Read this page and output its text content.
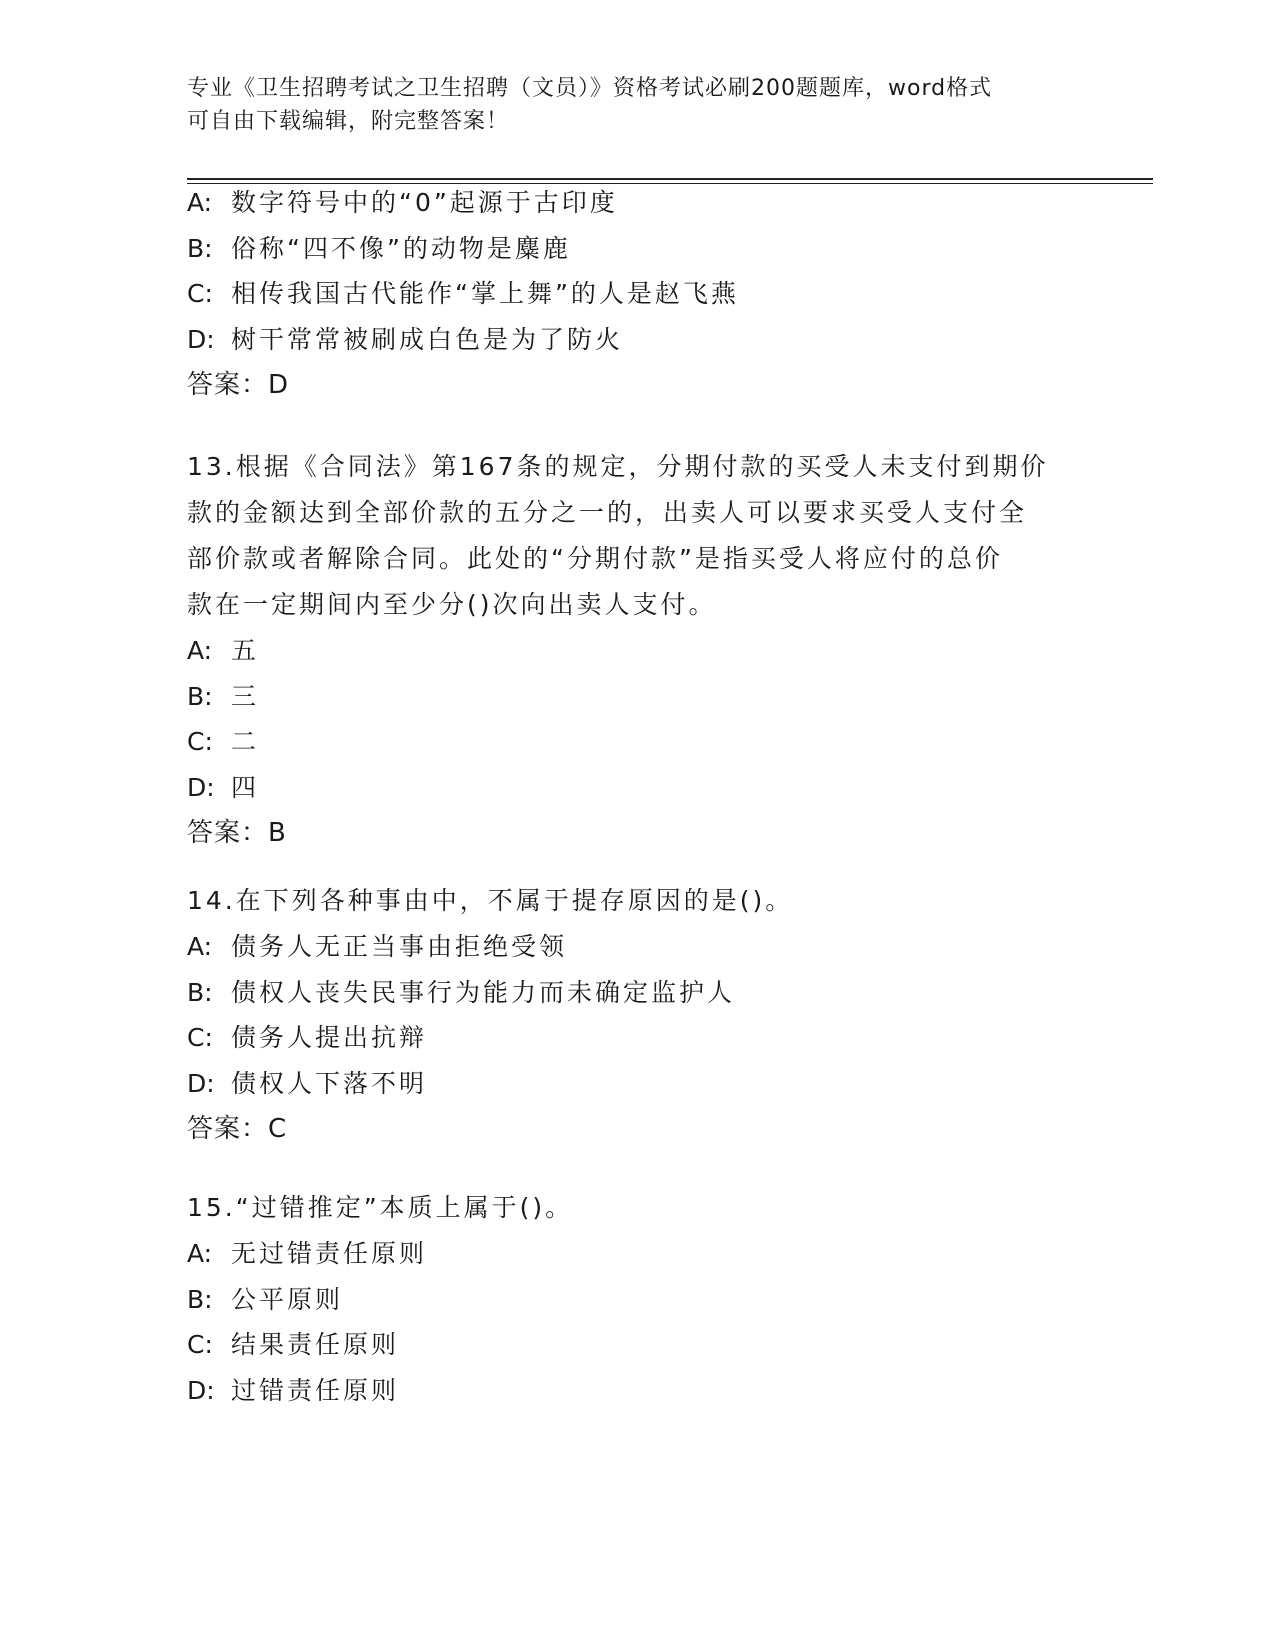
专业《卫生招聘考试之卫生招聘（文员）》资格考试必刷200题题库，word格式
可自由下载编辑，附完整答案！

A: 数字符号中的“0”起源于古印度

B: 俗称“四不像”的动物是麋鹿

C: 相传我国古代能作“掌上舞”的人是赵飞燕

D: 树干常常被刷成白色是为了防火

答案：D

13.根据《合同法》第167条的规定，分期付款的买受人未支付到期价

款的金额达到全部价款的五分之一的，出卖人可以要求买受人支付全

部价款或者解除合同。此处的“分期付款”是指买受人将应付的总价

款在一定期间内至少分()次向出卖人支付。

A: 五

B: 三

C: 二

D: 四

答案：B

14.在下列各种事由中，不属于提存原因的是()。

A: 债务人无正当事由拒绝受领

B: 债权人丧失民事行为能力而未确定监护人

C: 债务人提出抗辩

D: 债权人下落不明

答案：C

15.“过错推定”本质上属于()。

A: 无过错责任原则

B: 公平原则

C: 结果责任原则

D: 过错责任原则
